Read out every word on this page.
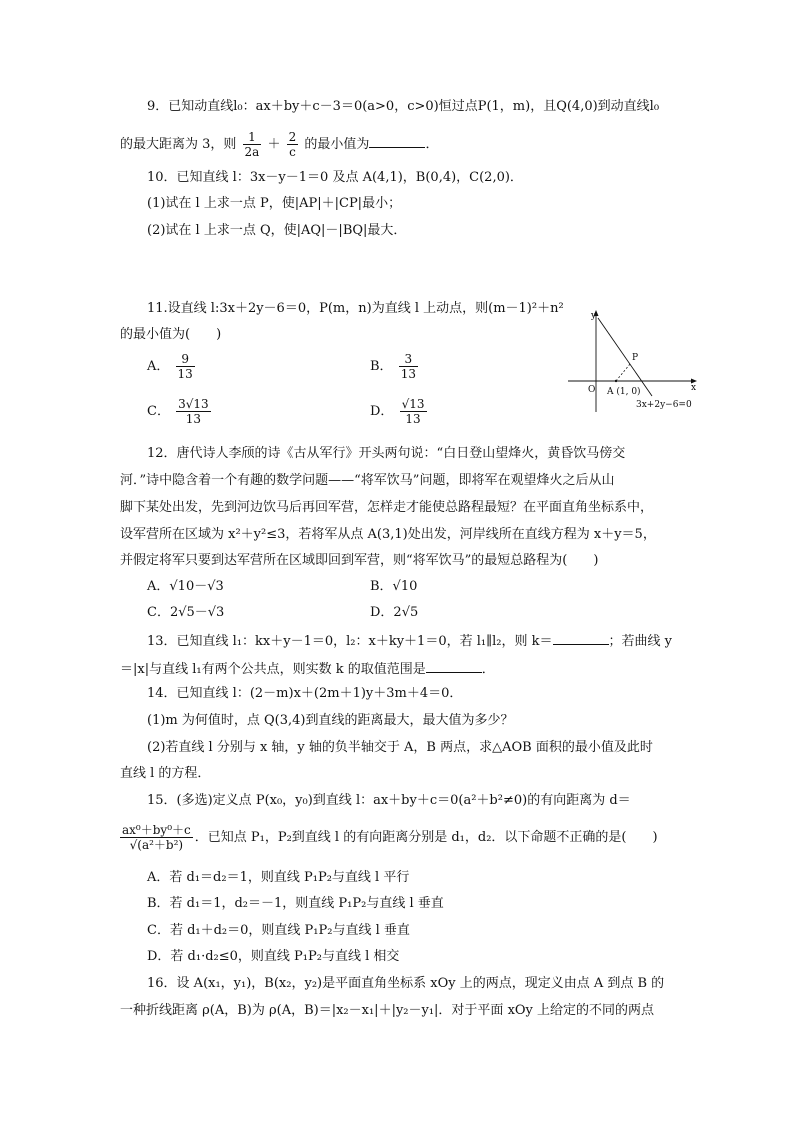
9．已知动直线l₀：ax＋by＋c－3＝0(a>0，c>0)恒过点P(1，m)，且Q(4,0)到动直线l₀
的最大距离为 3，则 $\frac{1}{2a} + \frac{2}{c}$ 的最小值为	．
10．已知直线 l：3x－y－1＝0 及点 A(4,1)，B(0,4)，C(2,0)．
(1)试在 l 上求一点 P，使|AP|＋|CP|最小；
(2)试在 l 上求一点 Q，使|AQ|－|BQ|最大．
11.设直线 l:3x＋2y－6＝0，P(m，n)为直线 l 上动点，则(m－1)²＋n²
的最小值为(　　)
A． $\frac{9}{13}$	B． $\frac{3}{13}$
C． $\frac{3√13}{13}$	D． $\frac{√13}{13}$
y
x
O
P
A (1, 0)
3x+2y−6=0
12．唐代诗人李颀的诗《古从军行》开头两句说：“白日登山望烽火，黄昏饮马傍交
河．”诗中隐含着一个有趣的数学问题——“将军饮马”问题，即将军在观望烽火之后从山
脚下某处出发，先到河边饮马后再回军营，怎样走才能使总路程最短？在平面直角坐标系中，
设军营所在区域为 x²＋y²≤3，若将军从点 A(3,1)处出发，河岸线所在直线方程为 x＋y＝5，
并假定将军只要到达军营所在区域即回到军营，则“将军饮马”的最短总路程为(　　)
A．√10－√3	B．√10
C．2√5－√3	D．2√5
13．已知直线 l₁：kx＋y－1＝0，l₂：x＋ky＋1＝0，若 l₁∥l₂，则 k＝	；若曲线 y
＝|x|与直线 l₁有两个公共点，则实数 k 的取值范围是	．
14．已知直线 l：(2－m)x＋(2m＋1)y＋3m＋4＝0．
(1)m 为何值时，点 Q(3,4)到直线的距离最大，最大值为多少？
(2)若直线 l 分别与 x 轴，y 轴的负半轴交于 A，B 两点，求△AOB 面积的最小值及此时
直线 l 的方程．
15．(多选)定义点 P(x₀，y₀)到直线 l：ax＋by＋c＝0(a²＋b²≠0)的有向距离为 d＝
$\frac{\text{ax⁰＋by⁰＋c}}{\text{√(a²＋b²)}}$ ．已知点 P₁，P₂到直线 l 的有向距离分别是 d₁，d₂．以下命题不正确的是(　　)
A．若 d₁＝d₂＝1，则直线 P₁P₂与直线 l 平行
B．若 d₁＝1，d₂＝－1，则直线 P₁P₂与直线 l 垂直
C．若 d₁＋d₂＝0，则直线 P₁P₂与直线 l 垂直
D．若 d₁·d₂≤0，则直线 P₁P₂与直线 l 相交
16．设 A(x₁，y₁)，B(x₂，y₂)是平面直角坐标系 xOy 上的两点，现定义由点 A 到点 B 的
一种折线距离 ρ(A，B)为 ρ(A，B)＝|x₂－x₁|＋|y₂－y₁|．对于平面 xOy 上给定的不同的两点
